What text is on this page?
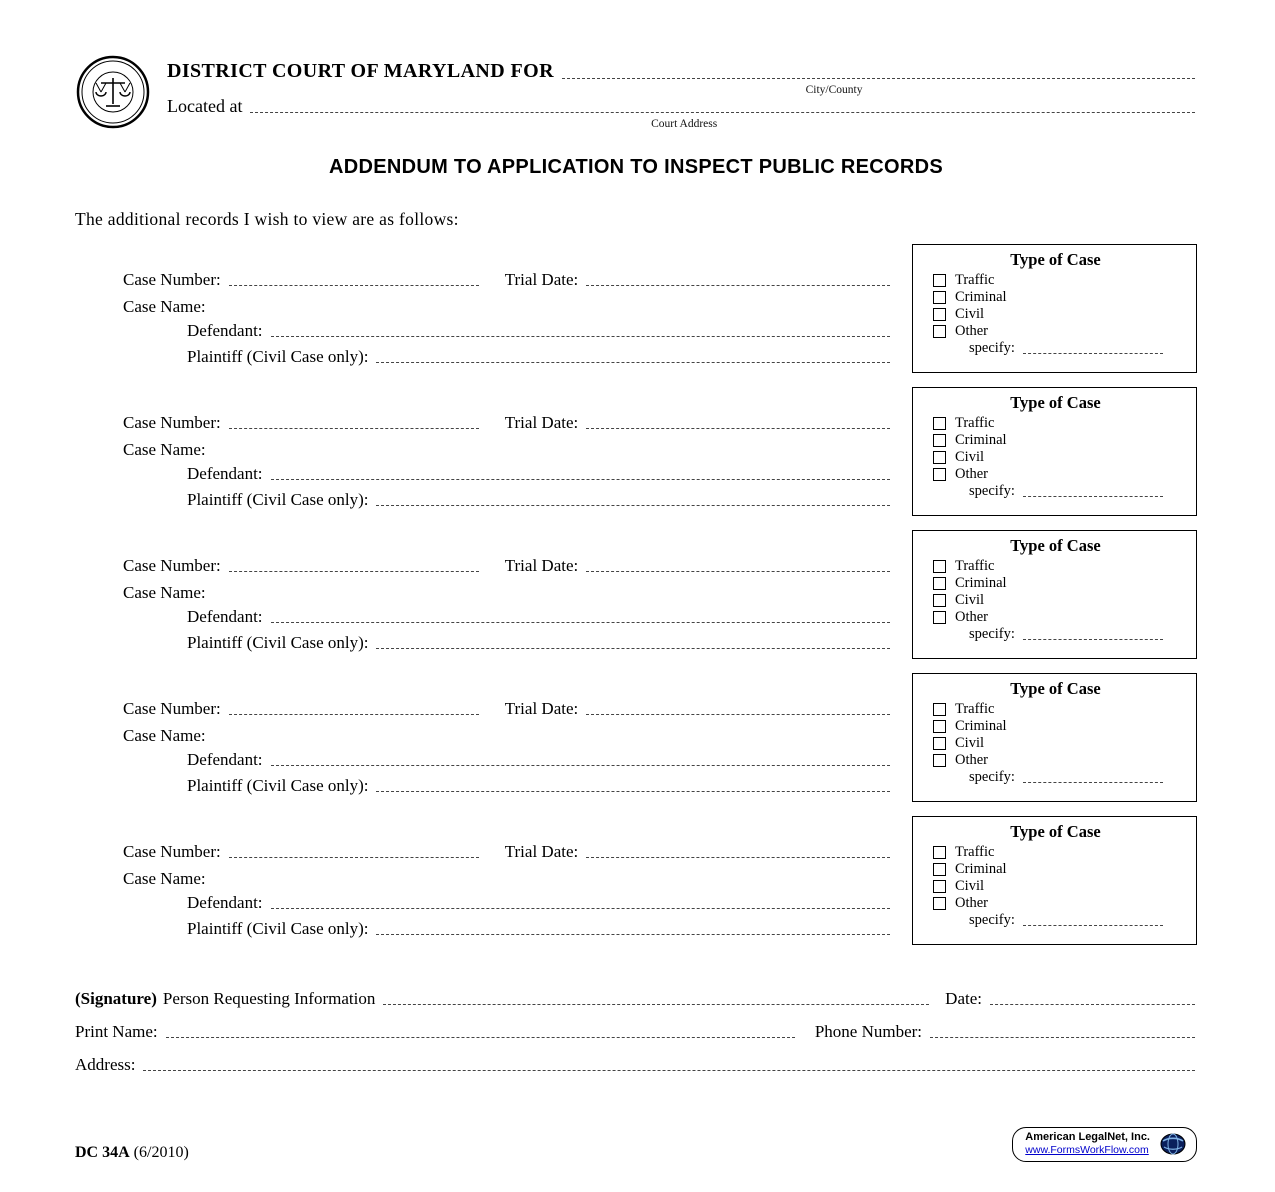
DISTRICT COURT OF MARYLAND FOR
City/County
Located at
Court Address
ADDENDUM TO APPLICATION TO INSPECT PUBLIC RECORDS
The additional records I wish to view are as follows:
Case Number:	Trial Date:
Case Name:
Defendant:
Plaintiff (Civil Case only):
Type of Case
Traffic
Criminal
Civil
Other
specify:
Case Number:	Trial Date:
Case Name:
Defendant:
Plaintiff (Civil Case only):
Type of Case
Traffic
Criminal
Civil
Other
specify:
Case Number:	Trial Date:
Case Name:
Defendant:
Plaintiff (Civil Case only):
Type of Case
Traffic
Criminal
Civil
Other
specify:
Case Number:	Trial Date:
Case Name:
Defendant:
Plaintiff (Civil Case only):
Type of Case
Traffic
Criminal
Civil
Other
specify:
Case Number:	Trial Date:
Case Name:
Defendant:
Plaintiff (Civil Case only):
Type of Case
Traffic
Criminal
Civil
Other
specify:
(Signature) Person Requesting Information	Date:
Print Name:	Phone Number:
Address:
DC 34A (6/2010)
American LegalNet, Inc.
www.FormsWorkFlow.com
